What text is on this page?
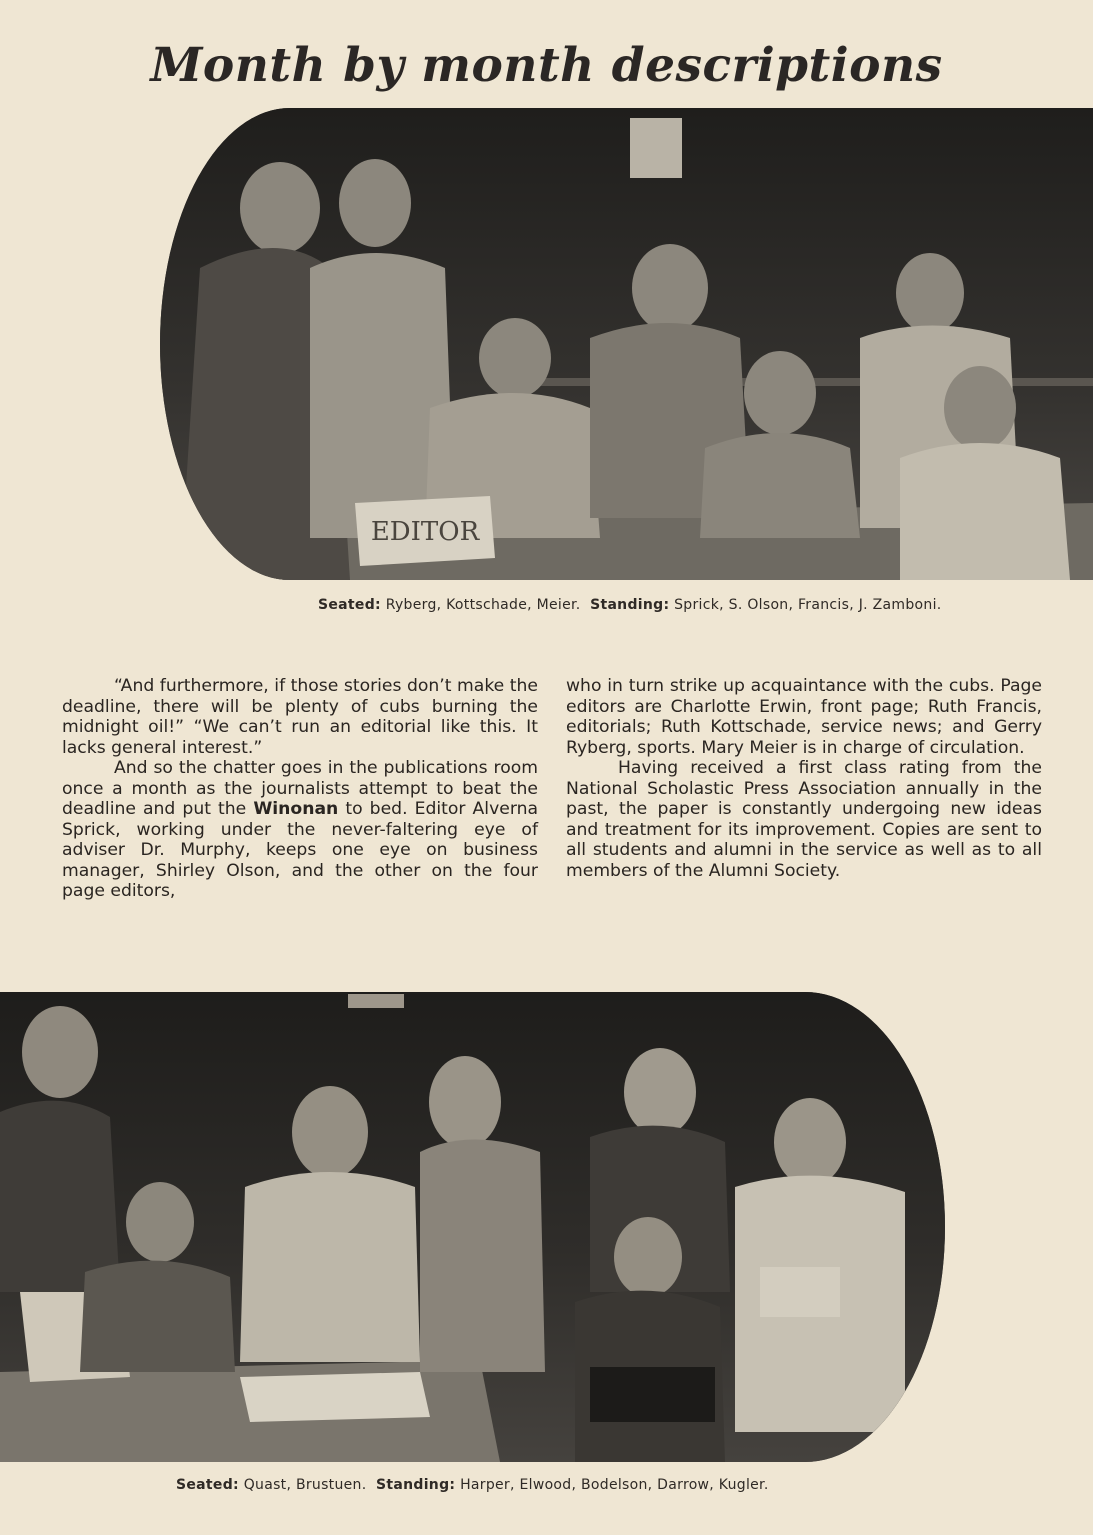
Month by month descriptions
EDITOR
Seated: Ryberg, Kottschade, Meier. Standing: Sprick, S. Olson, Francis, J. Zamboni.

“And furthermore, if those stories don’t make the deadline, there will be plenty of cubs burning the midnight oil!” “We can’t run an editorial like this. It lacks general interest.”

And so the chatter goes in the publications room once a month as the journalists attempt to beat the deadline and put the Winonan to bed. Editor Alverna Sprick, working under the never-faltering eye of adviser Dr. Murphy, keeps one eye on business manager, Shirley Olson, and the other on the four page editors,

who in turn strike up acquaintance with the cubs. Page editors are Charlotte Erwin, front page; Ruth Francis, editorials; Ruth Kottschade, service news; and Gerry Ryberg, sports. Mary Meier is in charge of circulation.

Having received a first class rating from the National Scholastic Press Association annually in the past, the paper is constantly undergoing new ideas and treatment for its improvement. Copies are sent to all students and alumni in the service as well as to all members of the Alumni Society.

Seated: Quast, Brustuen. Standing: Harper, Elwood, Bodelson, Darrow, Kugler.
